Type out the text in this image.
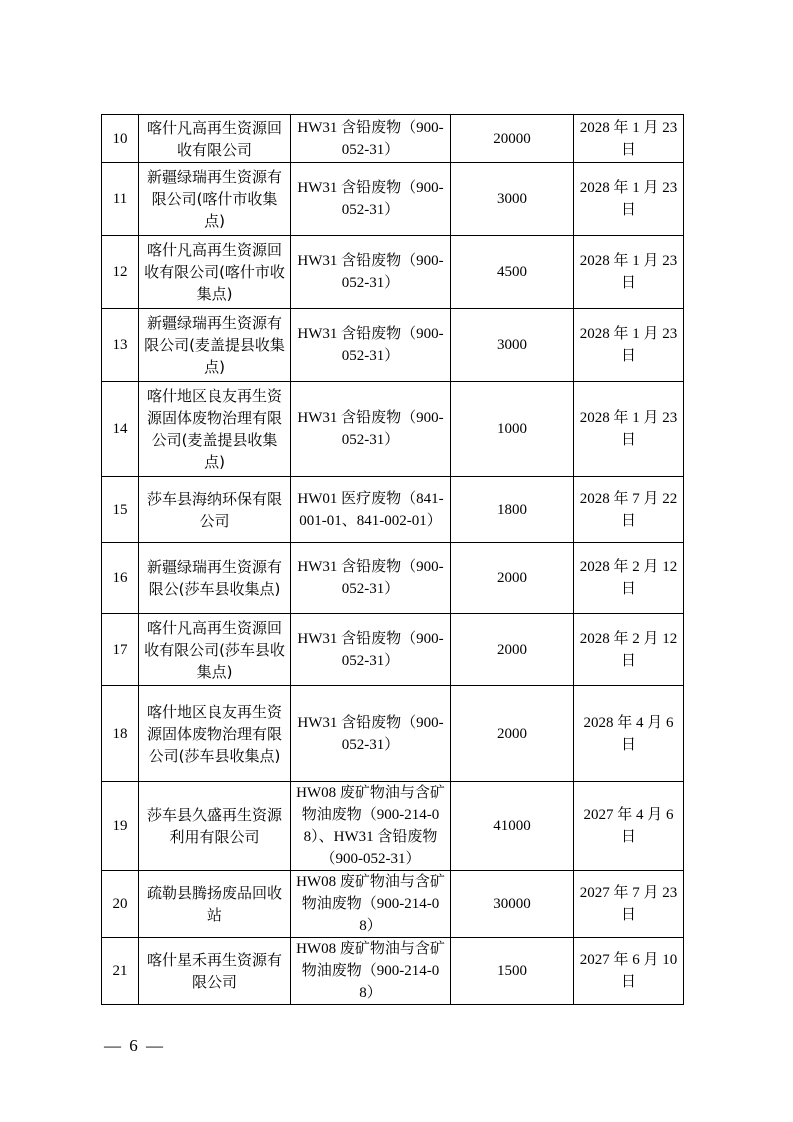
10	喀什凡高再生资源回收有限公司	HW31 含铅废物（900-052-31）	20000	2028 年 1 月 23 日

11	新疆绿瑞再生资源有限公司(喀什市收集点)	HW31 含铅废物（900-052-31）	3000	2028 年 1 月 23 日

12	喀什凡高再生资源回收有限公司(喀什市收集点)	HW31 含铅废物（900-052-31）	4500	2028 年 1 月 23 日

13	新疆绿瑞再生资源有限公司(麦盖提县收集点)	HW31 含铅废物（900-052-31）	3000	2028 年 1 月 23 日

14	喀什地区良友再生资源固体废物治理有限公司(麦盖提县收集点)	HW31 含铅废物（900-052-31）	1000	2028 年 1 月 23 日

15	莎车县海纳环保有限公司	HW01 医疗废物（841-001-01、841-002-01）	1800	2028 年 7 月 22 日

16	新疆绿瑞再生资源有限公(莎车县收集点)	HW31 含铅废物（900-052-31）	2000	2028 年 2 月 12 日

17	喀什凡高再生资源回收有限公司(莎车县收集点)	HW31 含铅废物（900-052-31）	2000	2028 年 2 月 12 日

18	喀什地区良友再生资源固体废物治理有限公司(莎车县收集点)	HW31 含铅废物（900-052-31）	2000	2028 年 4 月 6 日

19	莎车县久盛再生资源利用有限公司	HW08 废矿物油与含矿物油废物（900-214-08）、HW31 含铅废物（900-052-31）	41000	2027 年 4 月 6 日

20	疏勒县腾扬废品回收站	HW08 废矿物油与含矿物油废物（900-214-08）	30000	2027 年 7 月 23 日

21	喀什星禾再生资源有限公司	HW08 废矿物油与含矿物油废物（900-214-08）	1500	2027 年 6 月 10 日
— 6 —
